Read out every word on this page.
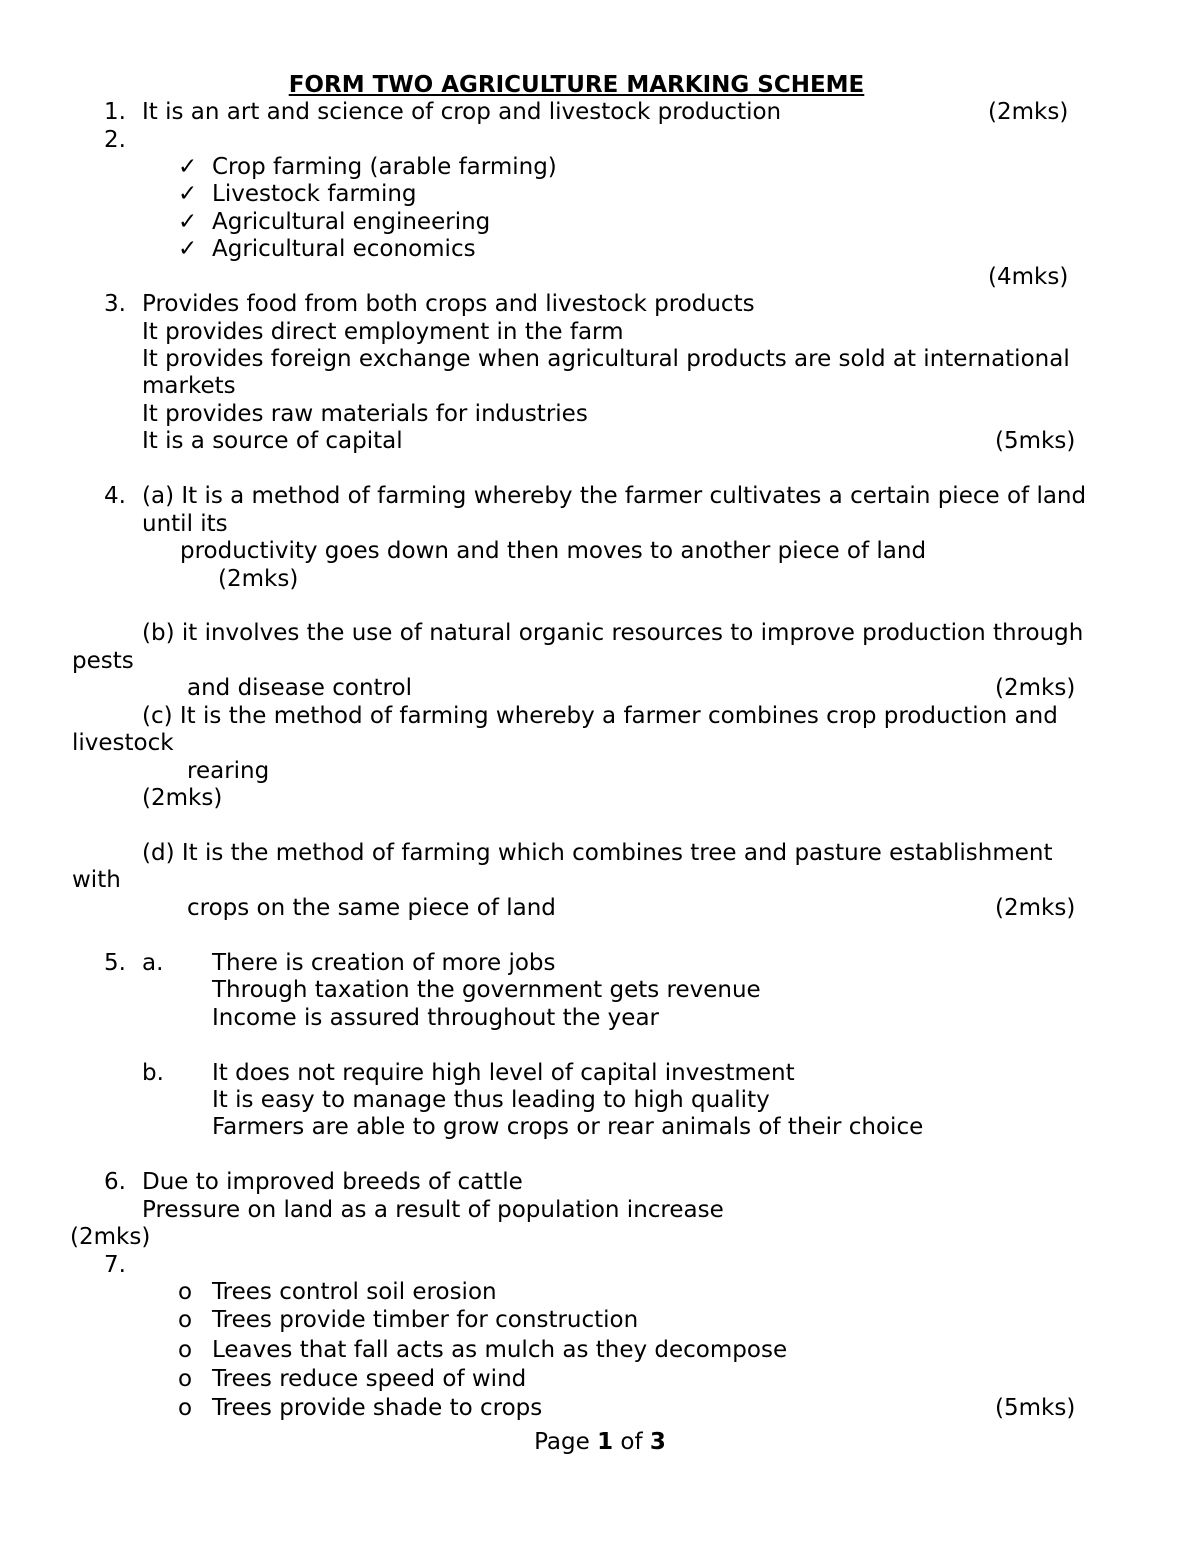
FORM TWO AGRICULTURE MARKING SCHEME
1. It is an art and science of crop and livestock production	(2mks)
2.
✓ Crop farming (arable farming)
✓ Livestock farming
✓ Agricultural engineering
✓ Agricultural economics
(4mks)
3. Provides food from both crops and livestock products
It provides direct employment in the farm
It provides foreign exchange when agricultural products are sold at international
markets
It provides raw materials for industries
It is a source of capital	(5mks)
4. (a) It is a method of farming whereby the farmer cultivates a certain piece of land
until its
productivity goes down and then moves to another piece of land
(2mks)
(b) it involves the use of natural organic resources to improve production through
pests
and disease control	(2mks)
(c) It is the method of farming whereby a farmer combines crop production and
livestock
rearing
(2mks)
(d) It is the method of farming which combines tree and pasture establishment
with
crops on the same piece of land	(2mks)
5. a. There is creation of more jobs
Through taxation the government gets revenue
Income is assured throughout the year
b. It does not require high level of capital investment
It is easy to manage thus leading to high quality
Farmers are able to grow crops or rear animals of their choice
6. Due to improved breeds of cattle
Pressure on land as a result of population increase
(2mks)
7.
o Trees control soil erosion
o Trees provide timber for construction
o Leaves that fall acts as mulch as they decompose
o Trees reduce speed of wind
o Trees provide shade to crops	(5mks)
Page 1 of 3
